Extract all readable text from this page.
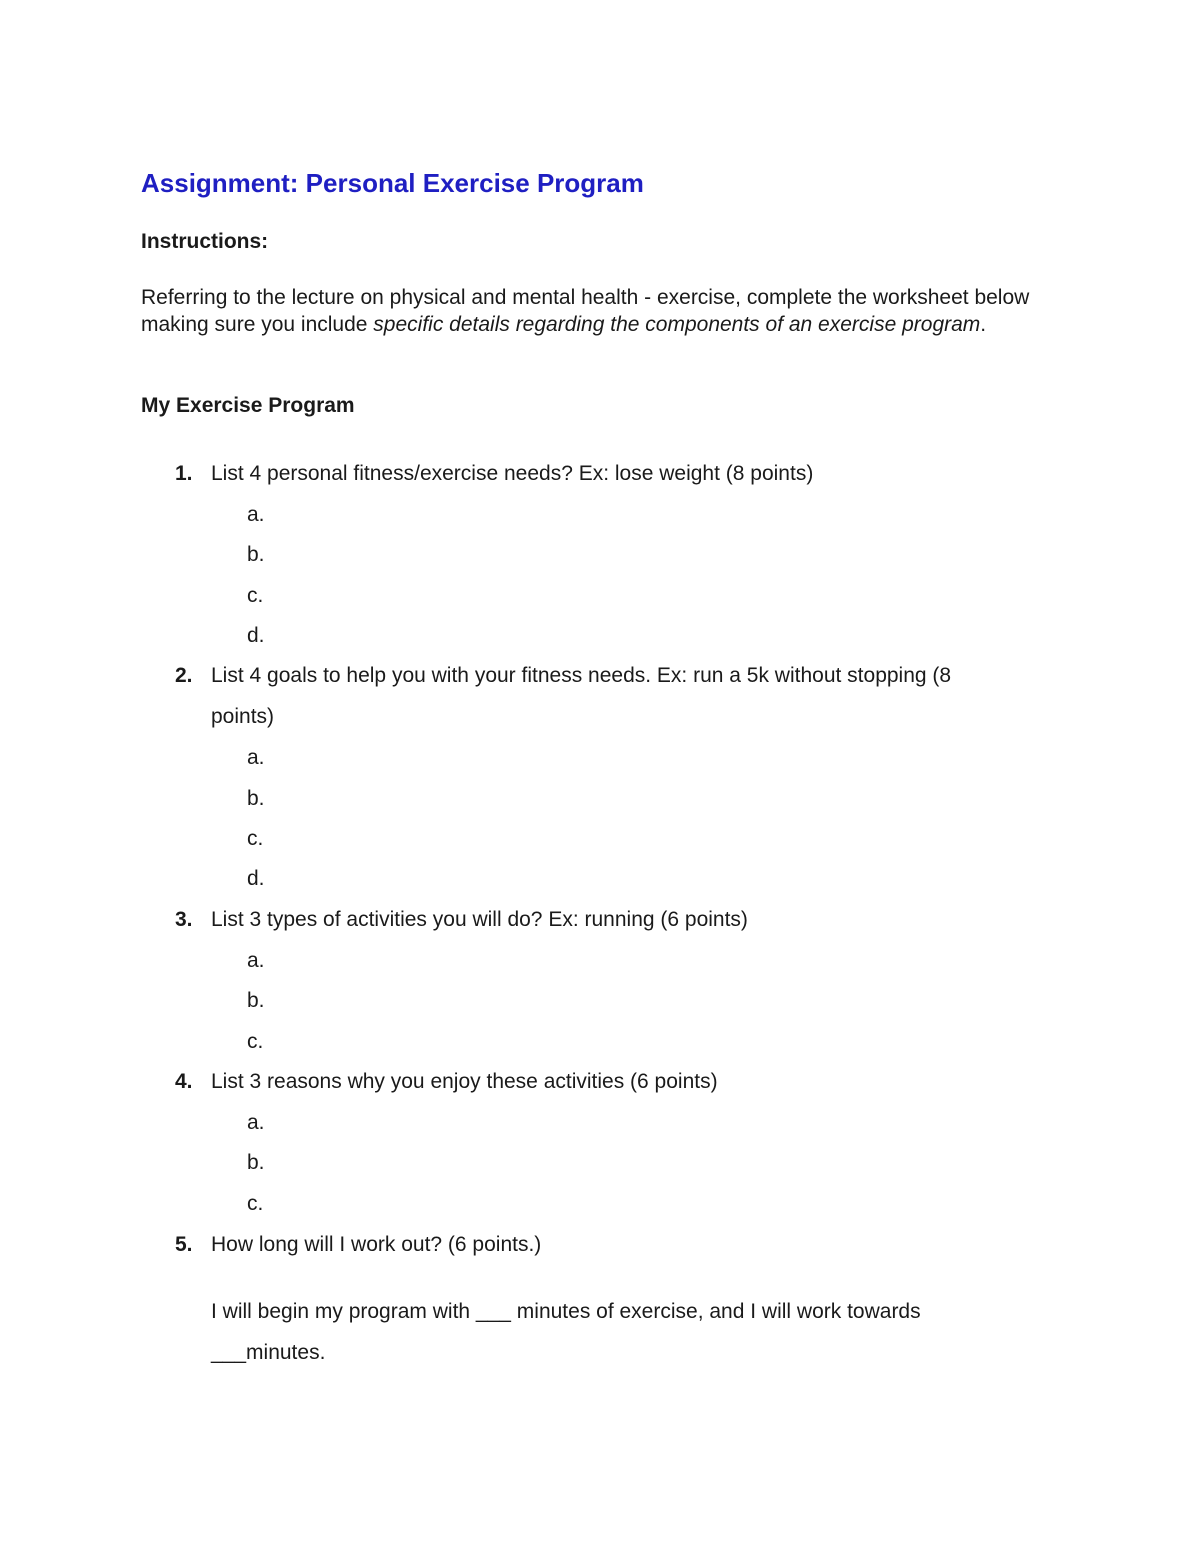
Assignment: Personal Exercise Program
Instructions:
Referring to the lecture on physical and mental health - exercise, complete the worksheet below making sure you include specific details regarding the components of an exercise program.
My Exercise Program
1. List 4 personal fitness/exercise needs? Ex: lose weight (8 points)
a.
b.
c.
d.
2. List 4 goals to help you with your fitness needs. Ex: run a 5k without stopping (8
points)
a.
b.
c.
d.
3. List 3 types of activities you will do? Ex: running (6 points)
a.
b.
c.
4. List 3 reasons why you enjoy these activities (6 points)
a.
b.
c.
5. How long will I work out? (6 points.)
I will begin my program with ___ minutes of exercise, and I will work towards
___minutes.
